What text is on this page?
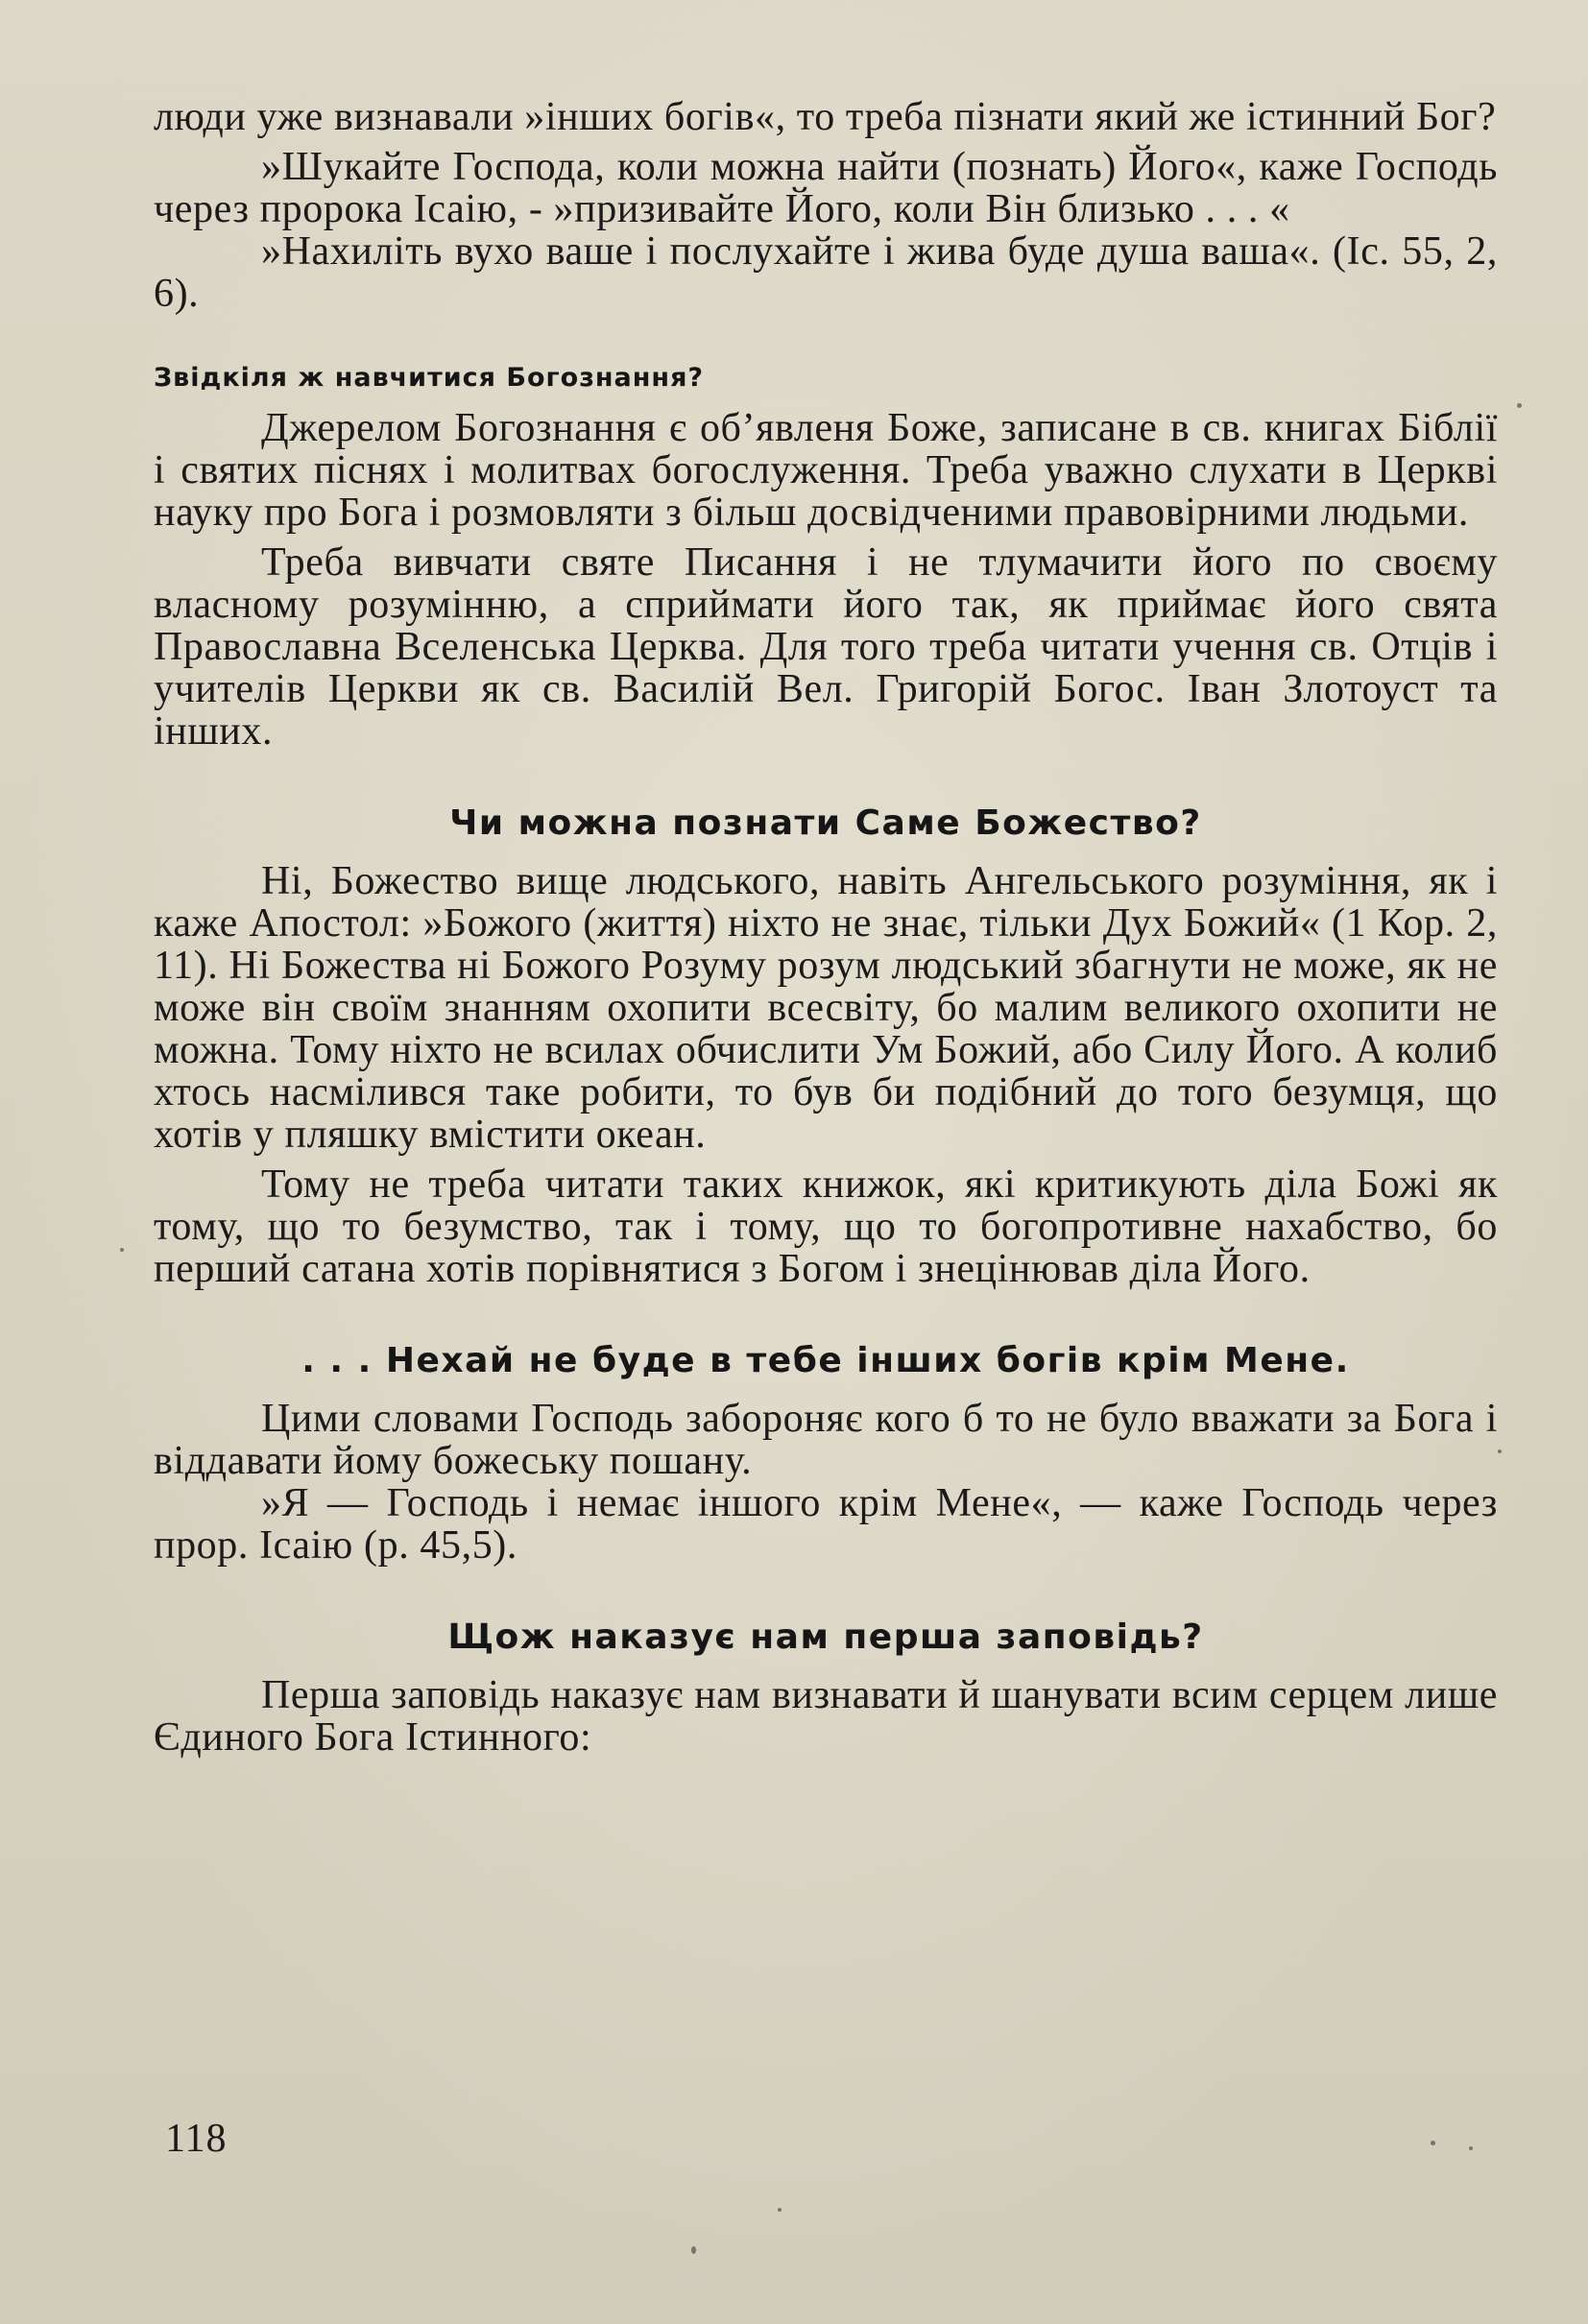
люди уже визнавали »інших богів«, то треба пізнати який же істинний Бог?

»Шукайте Господа, коли можна найти (познать) Його«, каже Господь через пророка Ісаію, - »призивайте Його, коли Він близько . . . «

»Нахиліть вухо ваше і послухайте і жива буде душа ваша«. (Іс. 55, 2, 6).

Звідкіля ж навчитися Богознання?

Джерелом Богознання є об’явленя Боже, записане в св. книгах Біблії і святих піснях і молитвах богослуження. Треба уважно слухати в Церкві науку про Бога і розмовляти з більш досвідченими правовірними людьми.

Треба вивчати святе Писання і не тлумачити його по своєму власному розумінню, а сприймати його так, як приймає його свята Православна Вселенська Церква. Для того треба читати учення св. Отців і учителів Церкви як св. Василій Вел. Григорій Богос. Іван Злотоуст та інших.

Чи можна познати Саме Божество?

Ні, Божество вище людського, навіть Ангельського розуміння, як і каже Апостол: »Божого (життя) ніхто не знає, тільки Дух Божий« (1 Кор. 2, 11). Ні Божества ні Божого Розуму розум людський збагнути не може, як не може він своїм знанням охопити всесвіту, бо малим великого охопити не можна. Тому ніхто не всилах обчислити Ум Божий, або Силу Його. А колиб хтось насмілився таке робити, то був би подібний до того безумця, що хотів у пляшку вмістити океан.

Тому не треба читати таких книжок, які критикують діла Божі як тому, що то безумство, так і тому, що то богопротивне нахабство, бо перший сатана хотів порівнятися з Богом і знецінював діла Його.

. . . Нехай не буде в тебе інших богів крім Мене.

Цими словами Господь забороняє кого б то не було вважати за Бога і віддавати йому божеську пошану.

»Я — Господь і немає іншого крім Мене«, — каже Господь через прор. Ісаію (р. 45,5).

Щож наказує нам перша заповідь?

Перша заповідь наказує нам визнавати й шанувати всим серцем лише Єдиного Бога Істинного:

118
